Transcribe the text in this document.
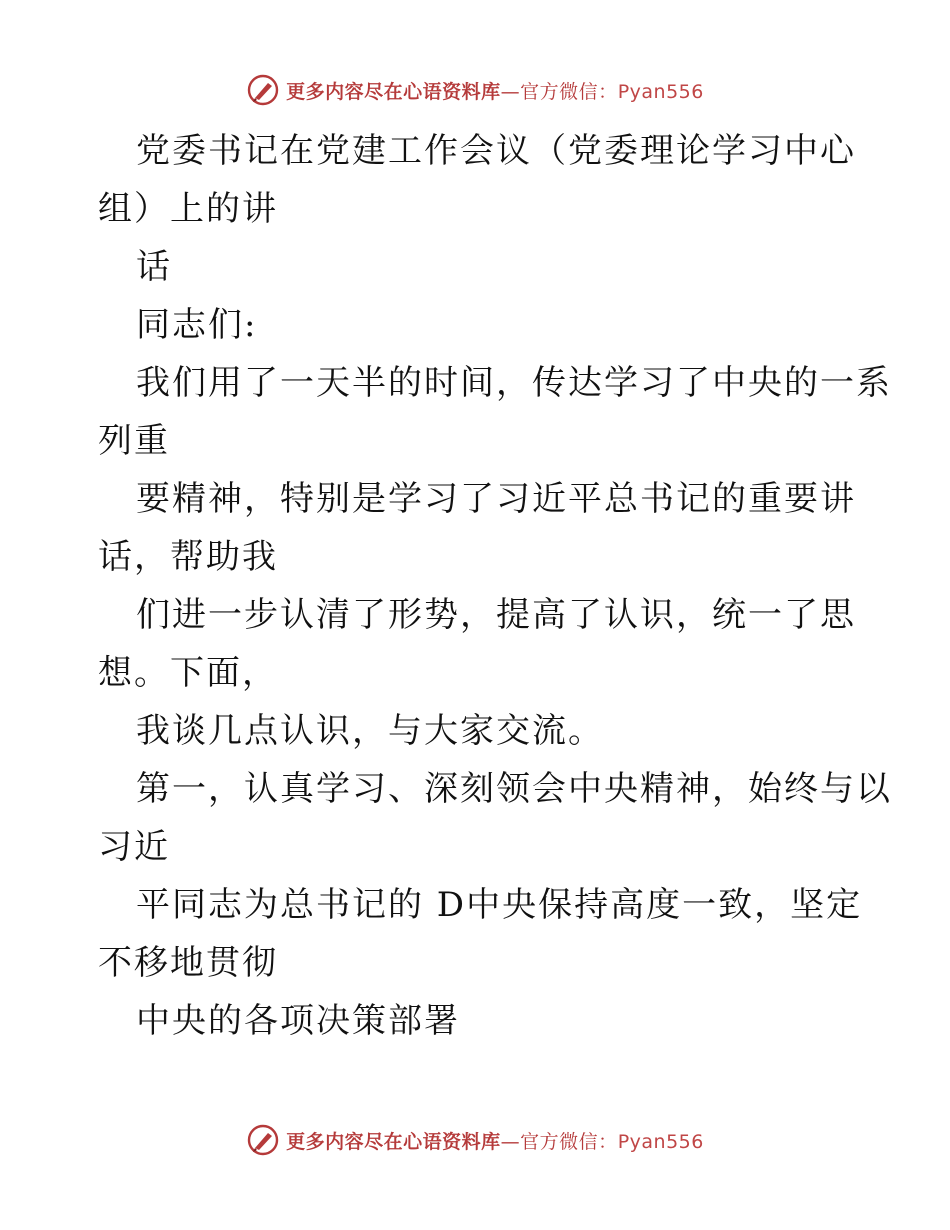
更多内容尽在心语资料库—官方微信：Pyan556
党委书记在党建工作会议（党委理论学习中心
组）上的讲
话
同志们:
我们用了一天半的时间，传达学习了中央的一系
列重
要精神，特别是学习了习近平总书记的重要讲
话，帮助我
们进一步认清了形势，提高了认识，统一了思
想。下面，
我谈几点认识，与大家交流。
第一，认真学习、深刻领会中央精神，始终与以
习近
平同志为总书记的 D中央保持高度一致，坚定
不移地贯彻
中央的各项决策部署
更多内容尽在心语资料库—官方微信：Pyan556
